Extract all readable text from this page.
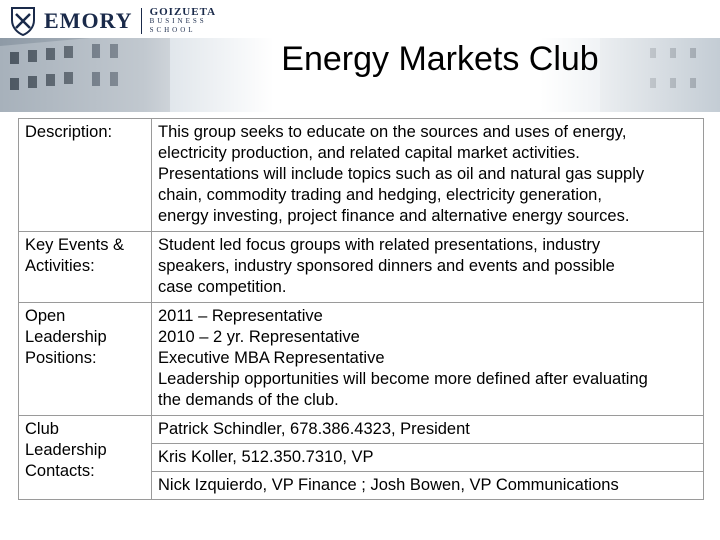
EMORY GOIZUETA
BUSINESS
SCHOOL
Energy Markets Club
Description:	This group seeks to educate on the sources and uses of energy,
electricity production, and related capital market activities.
Presentations will include topics such as oil and natural gas supply
chain, commodity trading and hedging, electricity generation,
energy investing, project finance and alternative energy sources.
Key Events &
Activities:	Student led focus groups with related presentations, industry
speakers, industry sponsored dinners and events and possible
case competition.
Open
Leadership
Positions:	2011 – Representative
2010 – 2 yr. Representative
Executive MBA Representative
Leadership opportunities will become more defined after evaluating
the demands of the club.
Club
Leadership
Contacts:	Patrick Schindler, 678.386.4323, President
	Kris Koller, 512.350.7310, VP
	Nick Izquierdo, VP Finance ; Josh Bowen, VP Communications
